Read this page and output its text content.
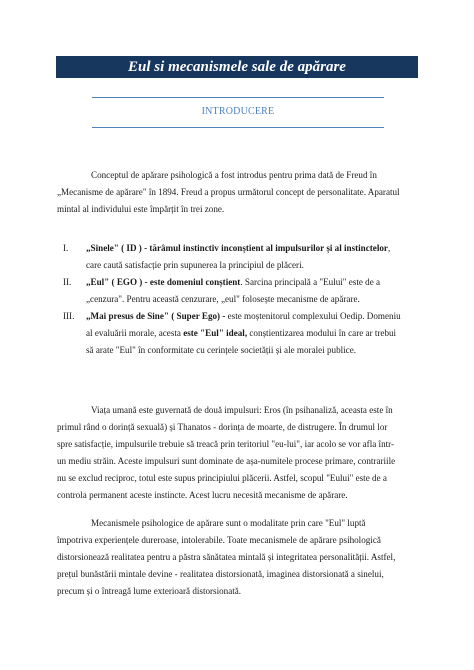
Eul si mecanismele sale de apărare
INTRODUCERE
Conceptul de apărare psihologică a fost introdus pentru prima dată de Freud în
„Mecanisme de apărare" în 1894. Freud a propus următorul concept de personalitate. Aparatul
mintal al individului este împărțit în trei zone.
I.	„Sinele" ( ID ) - tărâmul instinctiv inconștient al impulsurilor și al instinctelor,
care caută satisfacție prin supunerea la principiul de plăceri.
II.	„Eul" ( EGO ) - este domeniul conștient. Sarcina principală a "Eului" este de a
„cenzura". Pentru această cenzurare, „eul" folosește mecanisme de apărare.
III.	„Mai presus de Sine" ( Super Ego) - este moștenitorul complexului Oedip. Domeniu
al evaluării morale, acesta este "Eul" ideal, conștientizarea modului în care ar trebui
să arate "Eul" în conformitate cu cerințele societății și ale moralei publice.
Viața umană este guvernată de două impulsuri: Eros (în psihanaliză, aceasta este în
primul rând o dorință sexuală) și Thanatos - dorința de moarte, de distrugere. În drumul lor
spre satisfacție, impulsurile trebuie să treacă prin teritoriul "eu-lui", iar acolo se vor afla într-
un mediu străin. Aceste impulsuri sunt dominate de așa-numitele procese primare, contrariile
nu se exclud reciproc, totul este supus principiului plăcerii. Astfel, scopul "Eului" este de a
controla permanent aceste instincte. Acest lucru necesită mecanisme de apărare.
Mecanismele psihologice de apărare sunt o modalitate prin care "Eul" luptă
împotriva experiențele dureroase, intolerabile. Toate mecanismele de apărare psihologică
distorsionează realitatea pentru a păstra sănătatea mintală și integritatea personalității. Astfel,
prețul bunăstării mintale devine - realitatea distorsionată, imaginea distorsionată a sinelui,
precum și o întreagă lume exterioară distorsionată.
